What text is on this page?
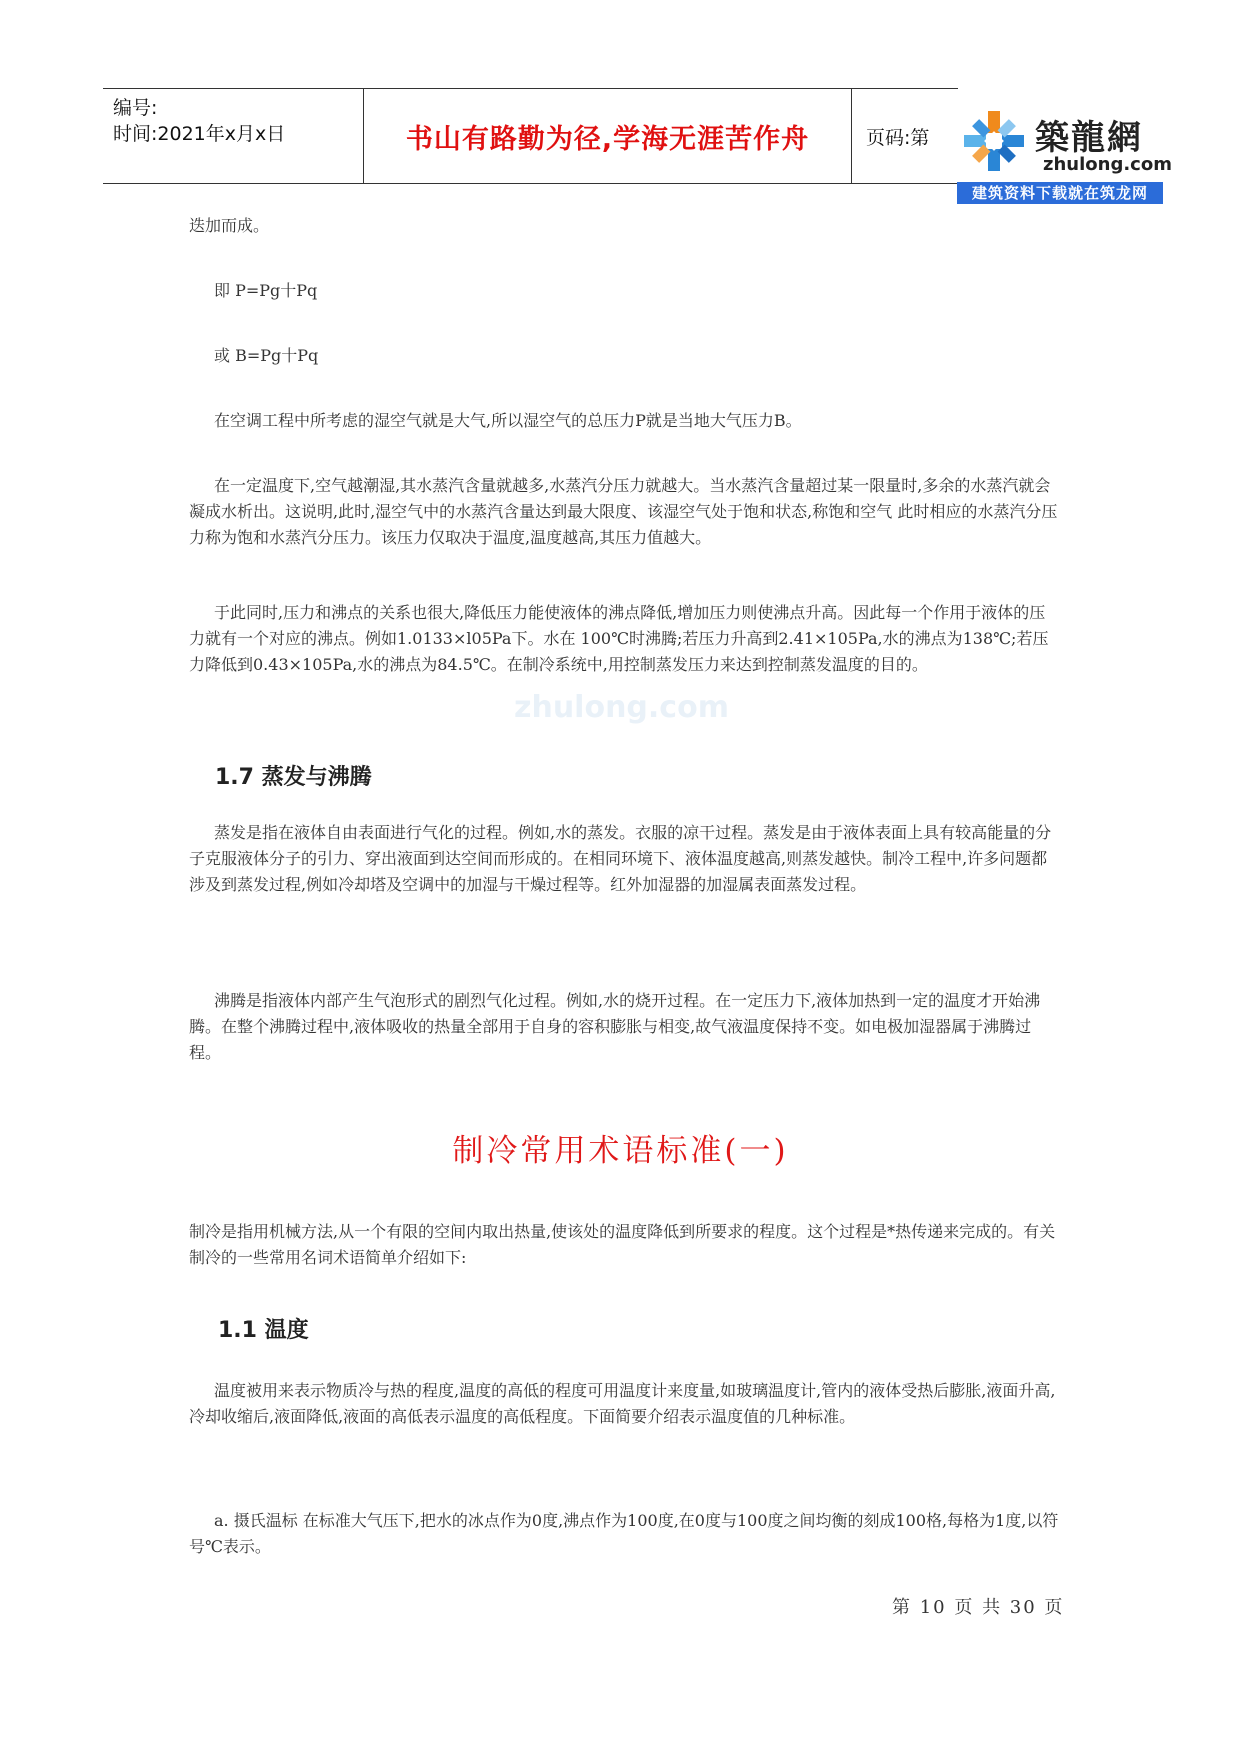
编号:
时间:2021年x月x日	书山有路勤为径,学海无涯苦作舟	页码:第	築龍網
zhulong.com
建筑资料下载就在筑龙网
zhulong.com

迭加而成。

即 P=Pg十Pq

或 B=Pg十Pq

在空调工程中所考虑的湿空气就是大气,所以湿空气的总压力P就是当地大气压力B。

在一定温度下,空气越潮湿,其水蒸汽含量就越多,水蒸汽分压力就越大。当水蒸汽含量超过某一限量时,多余的水蒸汽就会凝成水析出。这说明,此时,湿空气中的水蒸汽含量达到最大限度、该湿空气处于饱和状态,称饱和空气 此时相应的水蒸汽分压力称为饱和水蒸汽分压力。该压力仅取决于温度,温度越高,其压力值越大。

于此同时,压力和沸点的关系也很大,降低压力能使液体的沸点降低,增加压力则使沸点升高。因此每一个作用于液体的压力就有一个对应的沸点。例如1.0133×l05Pa下。水在 100℃时沸腾;若压力升高到2.41×105Pa,水的沸点为138℃;若压力降低到0.43×105Pa,水的沸点为84.5℃。在制冷系统中,用控制蒸发压力来达到控制蒸发温度的目的。

1.7 蒸发与沸腾

蒸发是指在液体自由表面进行气化的过程。例如,水的蒸发。衣服的凉干过程。蒸发是由于液体表面上具有较高能量的分子克服液体分子的引力、穿出液面到达空间而形成的。在相同环境下、液体温度越高,则蒸发越快。制冷工程中,许多问题都涉及到蒸发过程,例如冷却塔及空调中的加湿与干燥过程等。红外加湿器的加湿属表面蒸发过程。

沸腾是指液体内部产生气泡形式的剧烈气化过程。例如,水的烧开过程。在一定压力下,液体加热到一定的温度才开始沸腾。在整个沸腾过程中,液体吸收的热量全部用于自身的容积膨胀与相变,故气液温度保持不变。如电极加湿器属于沸腾过程。

制冷常用术语标准(一)

制冷是指用机械方法,从一个有限的空间内取出热量,使该处的温度降低到所要求的程度。这个过程是*热传递来完成的。有关制冷的一些常用名词术语简单介绍如下:

1.1 温度

温度被用来表示物质冷与热的程度,温度的高低的程度可用温度计来度量,如玻璃温度计,管内的液体受热后膨胀,液面升高,冷却收缩后,液面降低,液面的高低表示温度的高低程度。下面简要介绍表示温度值的几种标准。

a. 摄氏温标 在标准大气压下,把水的冰点作为0度,沸点作为100度,在0度与100度之间均衡的刻成100格,每格为1度,以符号℃表示。

第 10 页 共 30 页
